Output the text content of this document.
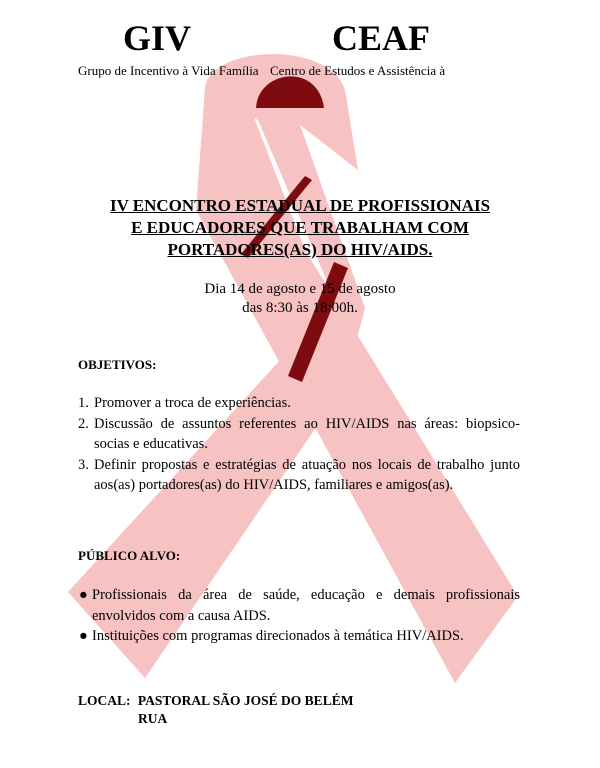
GIV
Grupo de Incentivo à Vida Família
CEAF
Centro de Estudos e Assistência à
IV ENCONTRO ESTADUAL DE PROFISSIONAIS
E EDUCADORES QUE TRABALHAM COM
PORTADORES(AS) DO HIV/AIDS.
Dia 14 de agosto e 15 de agosto
das 8:30 às 18:00h.
OBJETIVOS:
1. Promover a troca de experiências.
2. Discussão de assuntos referentes ao HIV/AIDS nas áreas: biopsico-socias e educativas.
3. Definir propostas e estratégias de atuação nos locais de trabalho junto aos(as) portadores(as) do HIV/AIDS, familiares e amigos(as).
PÚBLICO ALVO:
● Profissionais da área de saúde, educação e demais profissionais envolvidos com a causa AIDS.
● Instituições com programas direcionados à temática HIV/AIDS.
LOCAL: PASTORAL SÃO JOSÉ DO BELÉM
RUA
